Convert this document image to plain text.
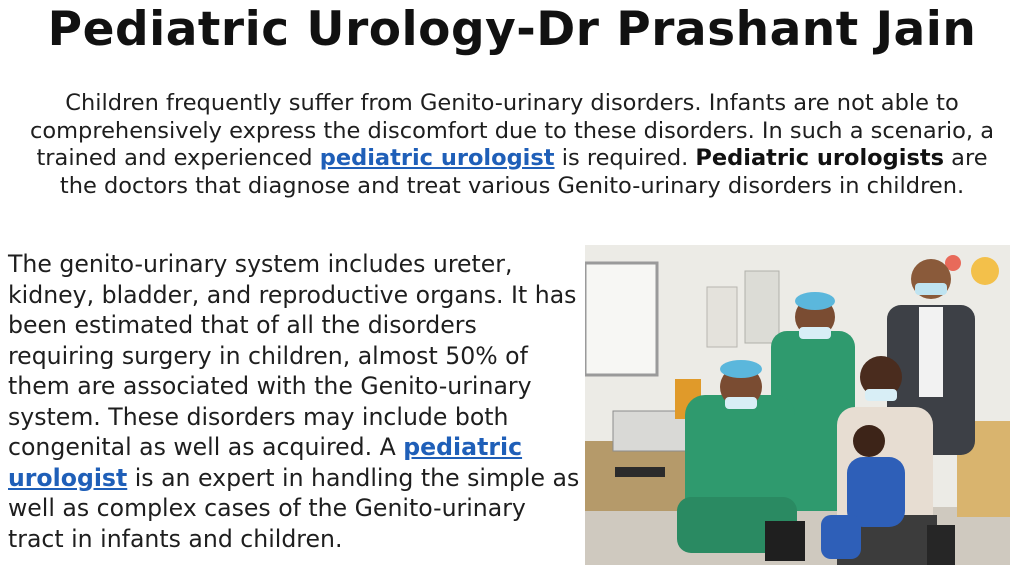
Pediatric Urology-Dr Prashant Jain
Children frequently suffer from Genito-urinary disorders. Infants are not able to comprehensively express the discomfort due to these disorders. In such a scenario, a trained and experienced pediatric urologist is required. Pediatric urologists are the doctors that diagnose and treat various Genito-urinary disorders in children.
The genito-urinary system includes ureter, kidney, bladder, and reproductive organs. It has been estimated that of all the disorders requiring surgery in children, almost 50% of them are associated with the Genito-urinary system. These disorders may include both congenital as well as acquired. A pediatric urologist is an expert in handling the simple as well as complex cases of the Genito-urinary tract in infants and children.
